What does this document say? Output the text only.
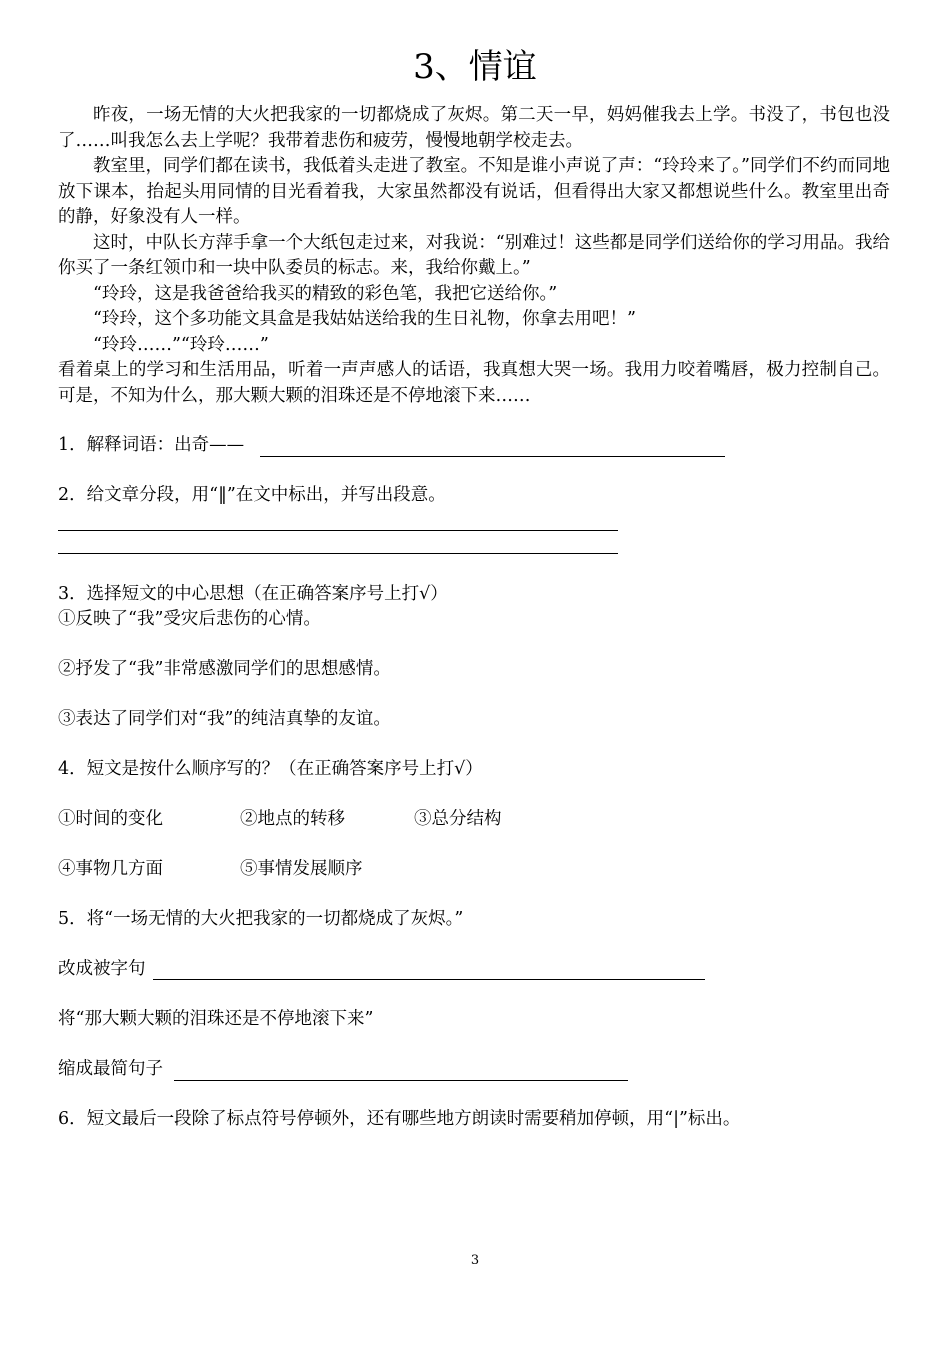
3、情谊

昨夜，一场无情的大火把我家的一切都烧成了灰烬。第二天一早，妈妈催我去上学。书没了，书包也没了……叫我怎么去上学呢？我带着悲伤和疲劳，慢慢地朝学校走去。

教室里，同学们都在读书，我低着头走进了教室。不知是谁小声说了声：“玲玲来了。”同学们不约而同地放下课本，抬起头用同情的目光看着我，大家虽然都没有说话，但看得出大家又都想说些什么。教室里出奇的静，好象没有人一样。

这时，中队长方萍手拿一个大纸包走过来，对我说：“别难过！这些都是同学们送给你的学习用品。我给你买了一条红领巾和一块中队委员的标志。来，我给你戴上。”

“玲玲，这是我爸爸给我买的精致的彩色笔，我把它送给你。”

“玲玲，这个多功能文具盒是我姑姑送给我的生日礼物，你拿去用吧！”

“玲玲……”“玲玲……”

看着桌上的学习和生活用品，听着一声声感人的话语，我真想大哭一场。我用力咬着嘴唇，极力控制自己。可是，不知为什么，那大颗大颗的泪珠还是不停地滚下来……

1．解释词语：出奇——
2．给文章分段，用“‖”在文中标出，并写出段意。
3．选择短文的中心思想（在正确答案序号上打√）
①反映了“我”受灾后悲伤的心情。
②抒发了“我”非常感激同学们的思想感情。
③表达了同学们对“我”的纯洁真挚的友谊。
4．短文是按什么顺序写的？（在正确答案序号上打√）
①时间的变化	②地点的转移	③总分结构
④事物几方面	⑤事情发展顺序
5．将“一场无情的大火把我家的一切都烧成了灰烬。”
改成被字句
将“那大颗大颗的泪珠还是不停地滚下来”
缩成最简句子
6．短文最后一段除了标点符号停顿外，还有哪些地方朗读时需要稍加停顿，用“|”标出。
3
